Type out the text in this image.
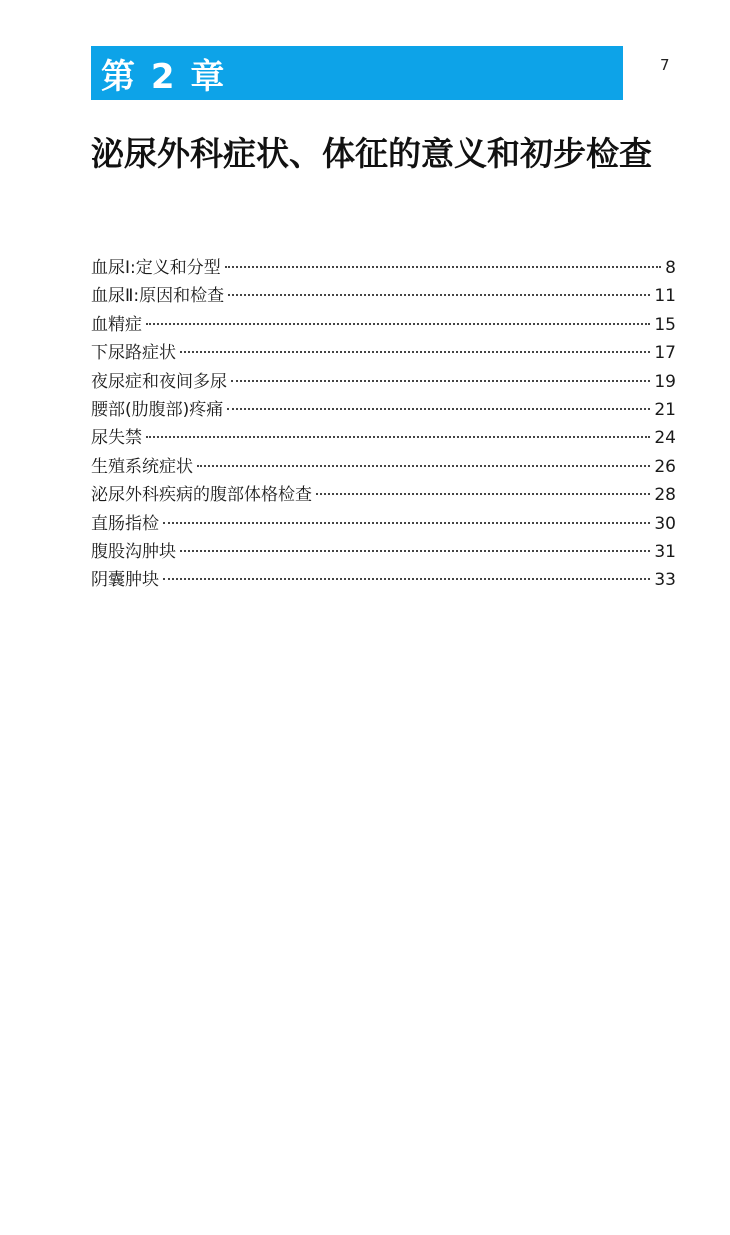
第 2 章	7
泌尿外科症状、体征的意义和初步检查
血尿Ⅰ:定义和分型	8
血尿Ⅱ:原因和检查	11
血精症	15
下尿路症状	17
夜尿症和夜间多尿	19
腰部(肋腹部)疼痛	21
尿失禁	24
生殖系统症状	26
泌尿外科疾病的腹部体格检查	28
直肠指检	30
腹股沟肿块	31
阴囊肿块	33
